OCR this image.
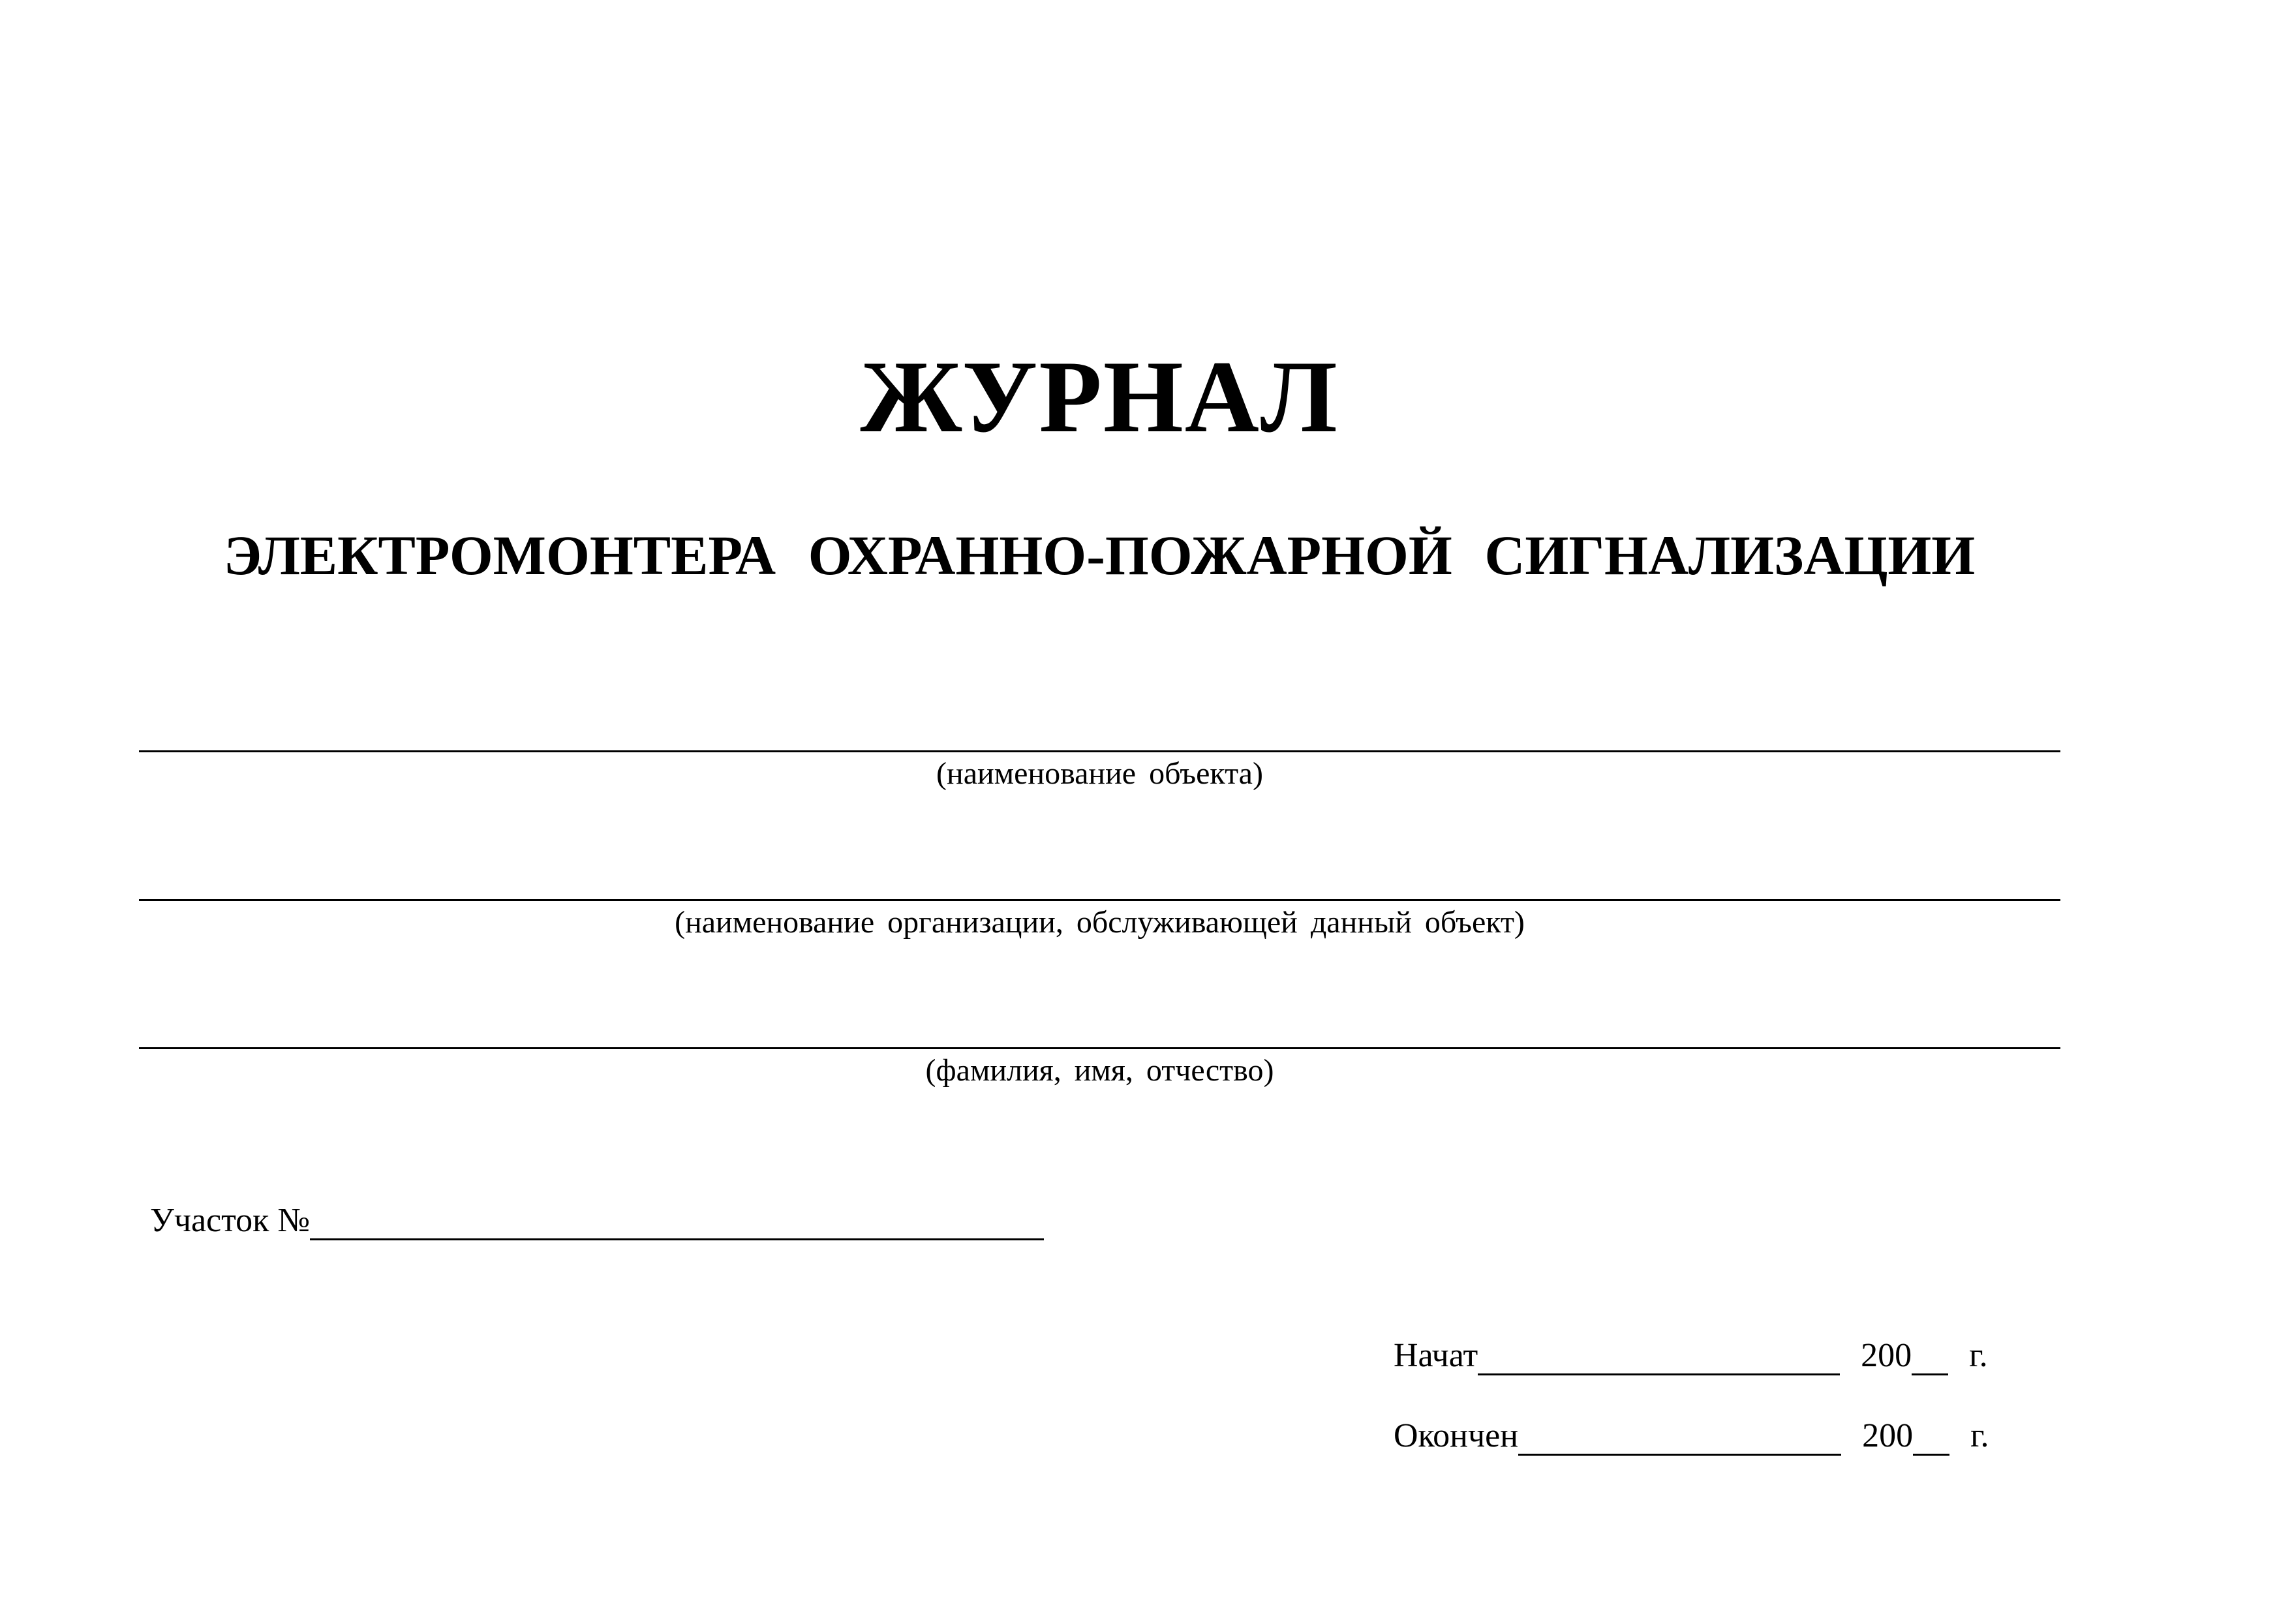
ЖУРНАЛ
ЭЛЕКТРОМОНТЕРА ОХРАННО-ПОЖАРНОЙ СИГНАЛИЗАЦИИ
(наименование объекта)
(наименование организации, обслуживающей данный объект)
(фамилия, имя, отчество)
Участок №
Начат	200 г.
Окончен	200 г.
